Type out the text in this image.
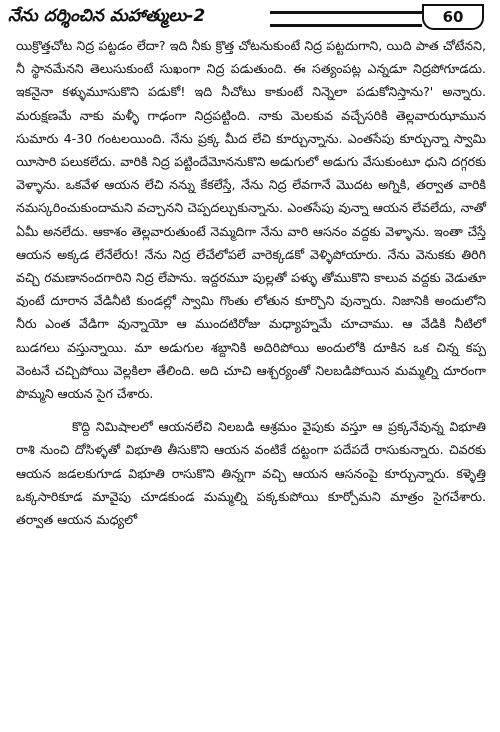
నేను దర్శించిన మహాత్ములు-2	60

యిక్రొత్తచోట నిద్ర పట్టడం లేదా? ఇది నీకు క్రొత్త చోటనుకుంటే నిద్ర పట్టదుగాని, యిది పాత చోటేనని, నీ స్థానమేనని తెలుసుకుంటే సుఖంగా నిద్ర పడుతుంది. ఈ సత్యంపట్ల ఎన్నడూ నిద్రపోగూడదు. ఇకనైనా కళ్ళుమూసుకొని పడుకో! ఇది నీచోటు కాకుంటే నిన్నెలా పడుకోనిస్తాను?' అన్నారు. మరుక్షణమే నాకు మళ్ళీ గాఢంగా నిద్రపట్టింది. నాకు మెలకువ వచ్చేసరికి తెల్లవారుఝామున సుమారు 4-30 గంటలయింది. నేను ప్రక్క మీద లేచి కూర్చున్నాను. ఎంతసేపు కూర్చున్నా స్వామి యీసారి పలుకలేదు. వారికి నిద్ర పట్టిందేమోననుకొని అడుగులో అడుగు వేసుకుంటూ ధుని దగ్గరకు వెళ్ళాను. ఒకవేళ ఆయన లేచి నన్ను కేకలేస్తే, నేను నిద్ర లేవగానే మొదట అగ్నికి, తర్వాత వారికి నమస్కరించుకుందామని వచ్చానని చెప్పదల్చుకున్నాను. ఎంతసేపు వున్నా ఆయన లేవలేదు, నాతో ఏమీ అనలేదు. ఆకాశం తెల్లవారుతుంటే నెమ్మదిగా నేను వారి ఆసనం వద్దకు వెళ్ళాను. ఇంతా చేస్తే ఆయన అక్కడ లేనేలేరు! నేను నిద్ర లేచేలోపలే వారెక్కడకో వెళ్ళిపోయారు. నేను వెనుకకు తిరిగి వచ్చి రమణానందగారిని నిద్ర లేపాను. ఇద్దరమూ పుల్లతో పళ్ళు తోముకొని కాలువ వద్దకు వెడుతూ వుంటే దూరాన వేడినీటి కుండల్లో స్వామి గొంతు లోతున కూర్చొని వున్నారు. నిజానికి అందులోని నీరు ఎంత వేడిగా వున్నాయో ఆ ముందటిరోజు మధ్యాహ్నమే చూచాము. ఆ వేడికి నీటిలో బుడగలు వస్తున్నాయి. మా అడుగుల శబ్దానికి అదిరిపోయి అందులోకి దూకిన ఒక చిన్న కప్ప వెంటనే చచ్చిపోయి వెల్లకిలా తేలింది. అది చూచి ఆశ్చర్యంతో నిలబడిపోయిన మమ్మల్ని దూరంగా పొమ్మని ఆయన సైగ చేశారు.

కొద్ది నిమిషాలలో ఆయనలేచి నిలబడి ఆశ్రమం వైపుకు వస్తూ ఆ ప్రక్కనేవున్న విభూతి రాశి నుంచి దోసిళ్ళతో విభూతి తీసుకొని ఆయన వంటికే దట్టంగా పదేపదే రాసుకున్నారు. చివరకు ఆయన జడలకుగూడ విభూతి రాసుకొని తిన్నగా వచ్చి ఆయన ఆసనంపై కూర్చున్నారు. కళ్ళెత్తి ఒక్కసారికూడ మావైపు చూడకుండ మమ్మల్ని పక్కకుపోయి కూర్చోమని మాత్రం సైగచేశారు. తర్వాత ఆయన మధ్యలో
